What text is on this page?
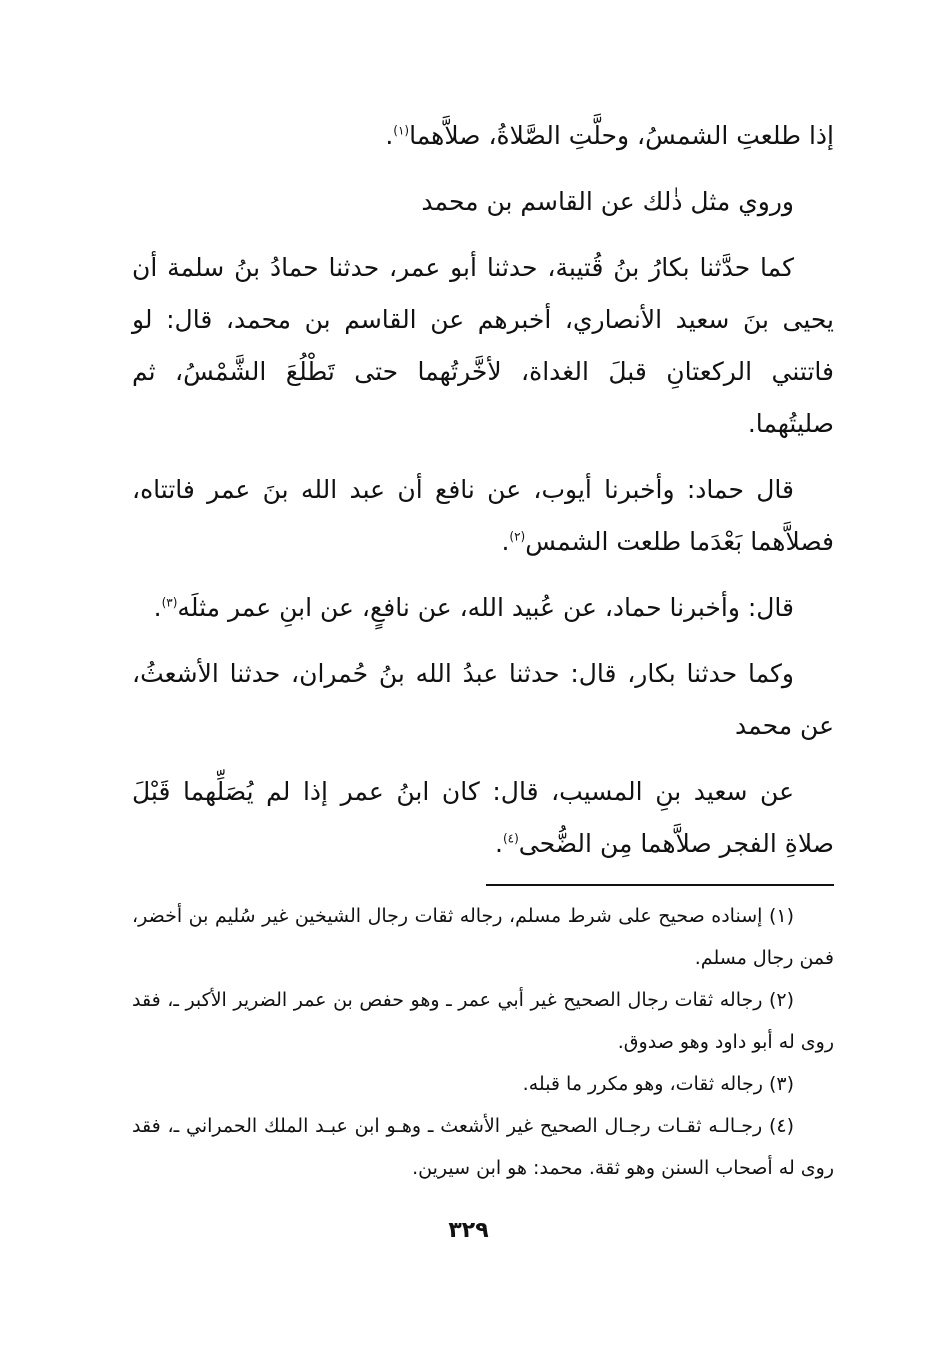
إذا طلعتِ الشمسُ، وحلَّتِ الصَّلاةُ، صلاَّهما$^{(١)}$.

وروي مثل ذٰلك عن القاسم بن محمد

كما حدَّثنا بكارُ بنُ قُتيبة، حدثنا أبو عمر، حدثنا حمادُ بنُ سلمة أن يحيى بنَ سعيد الأنصاري، أخبرهم عن القاسم بن محمد، قال: لو فاتتني الركعتانِ قبلَ الغداة، لأخَّرتُهما حتى تَطْلُعَ الشَّمْسُ، ثم صليتُهما.

قال حماد: وأخبرنا أيوب، عن نافع أن عبد الله بنَ عمر فاتتاه، فصلاَّهما بَعْدَما طلعت الشمس$^{(٢)}$.

قال: وأخبرنا حماد، عن عُبيد الله، عن نافعٍ، عن ابنِ عمر مثلَه$^{(٣)}$.

وكما حدثنا بكار، قال: حدثنا عبدُ الله بنُ حُمران، حدثنا الأشعثُ، عن محمد

عن سعيد بنِ المسيب، قال: كان ابنُ عمر إذا لم يُصَلِّهما قَبْلَ صلاةِ الفجر صلاَّهما مِن الضُّحى$^{(٤)}$.

(١) إسناده صحيح على شرط مسلم، رجاله ثقات رجال الشيخين غير سُليم بن أخضر، فمن رجال مسلم.

(٢) رجاله ثقات رجال الصحيح غير أبي عمر ـ وهو حفص بن عمر الضرير الأكبر ـ، فقد روى له أبو داود وهو صدوق.

(٣) رجاله ثقات، وهو مكرر ما قبله.

(٤) رجـالـه ثقـات رجـال الصحيح غير الأشعث ـ وهـو ابن عبـد الملك الحمراني ـ، فقد روى له أصحاب السنن وهو ثقة. محمد: هو ابن سيرين.

٣٢٩
